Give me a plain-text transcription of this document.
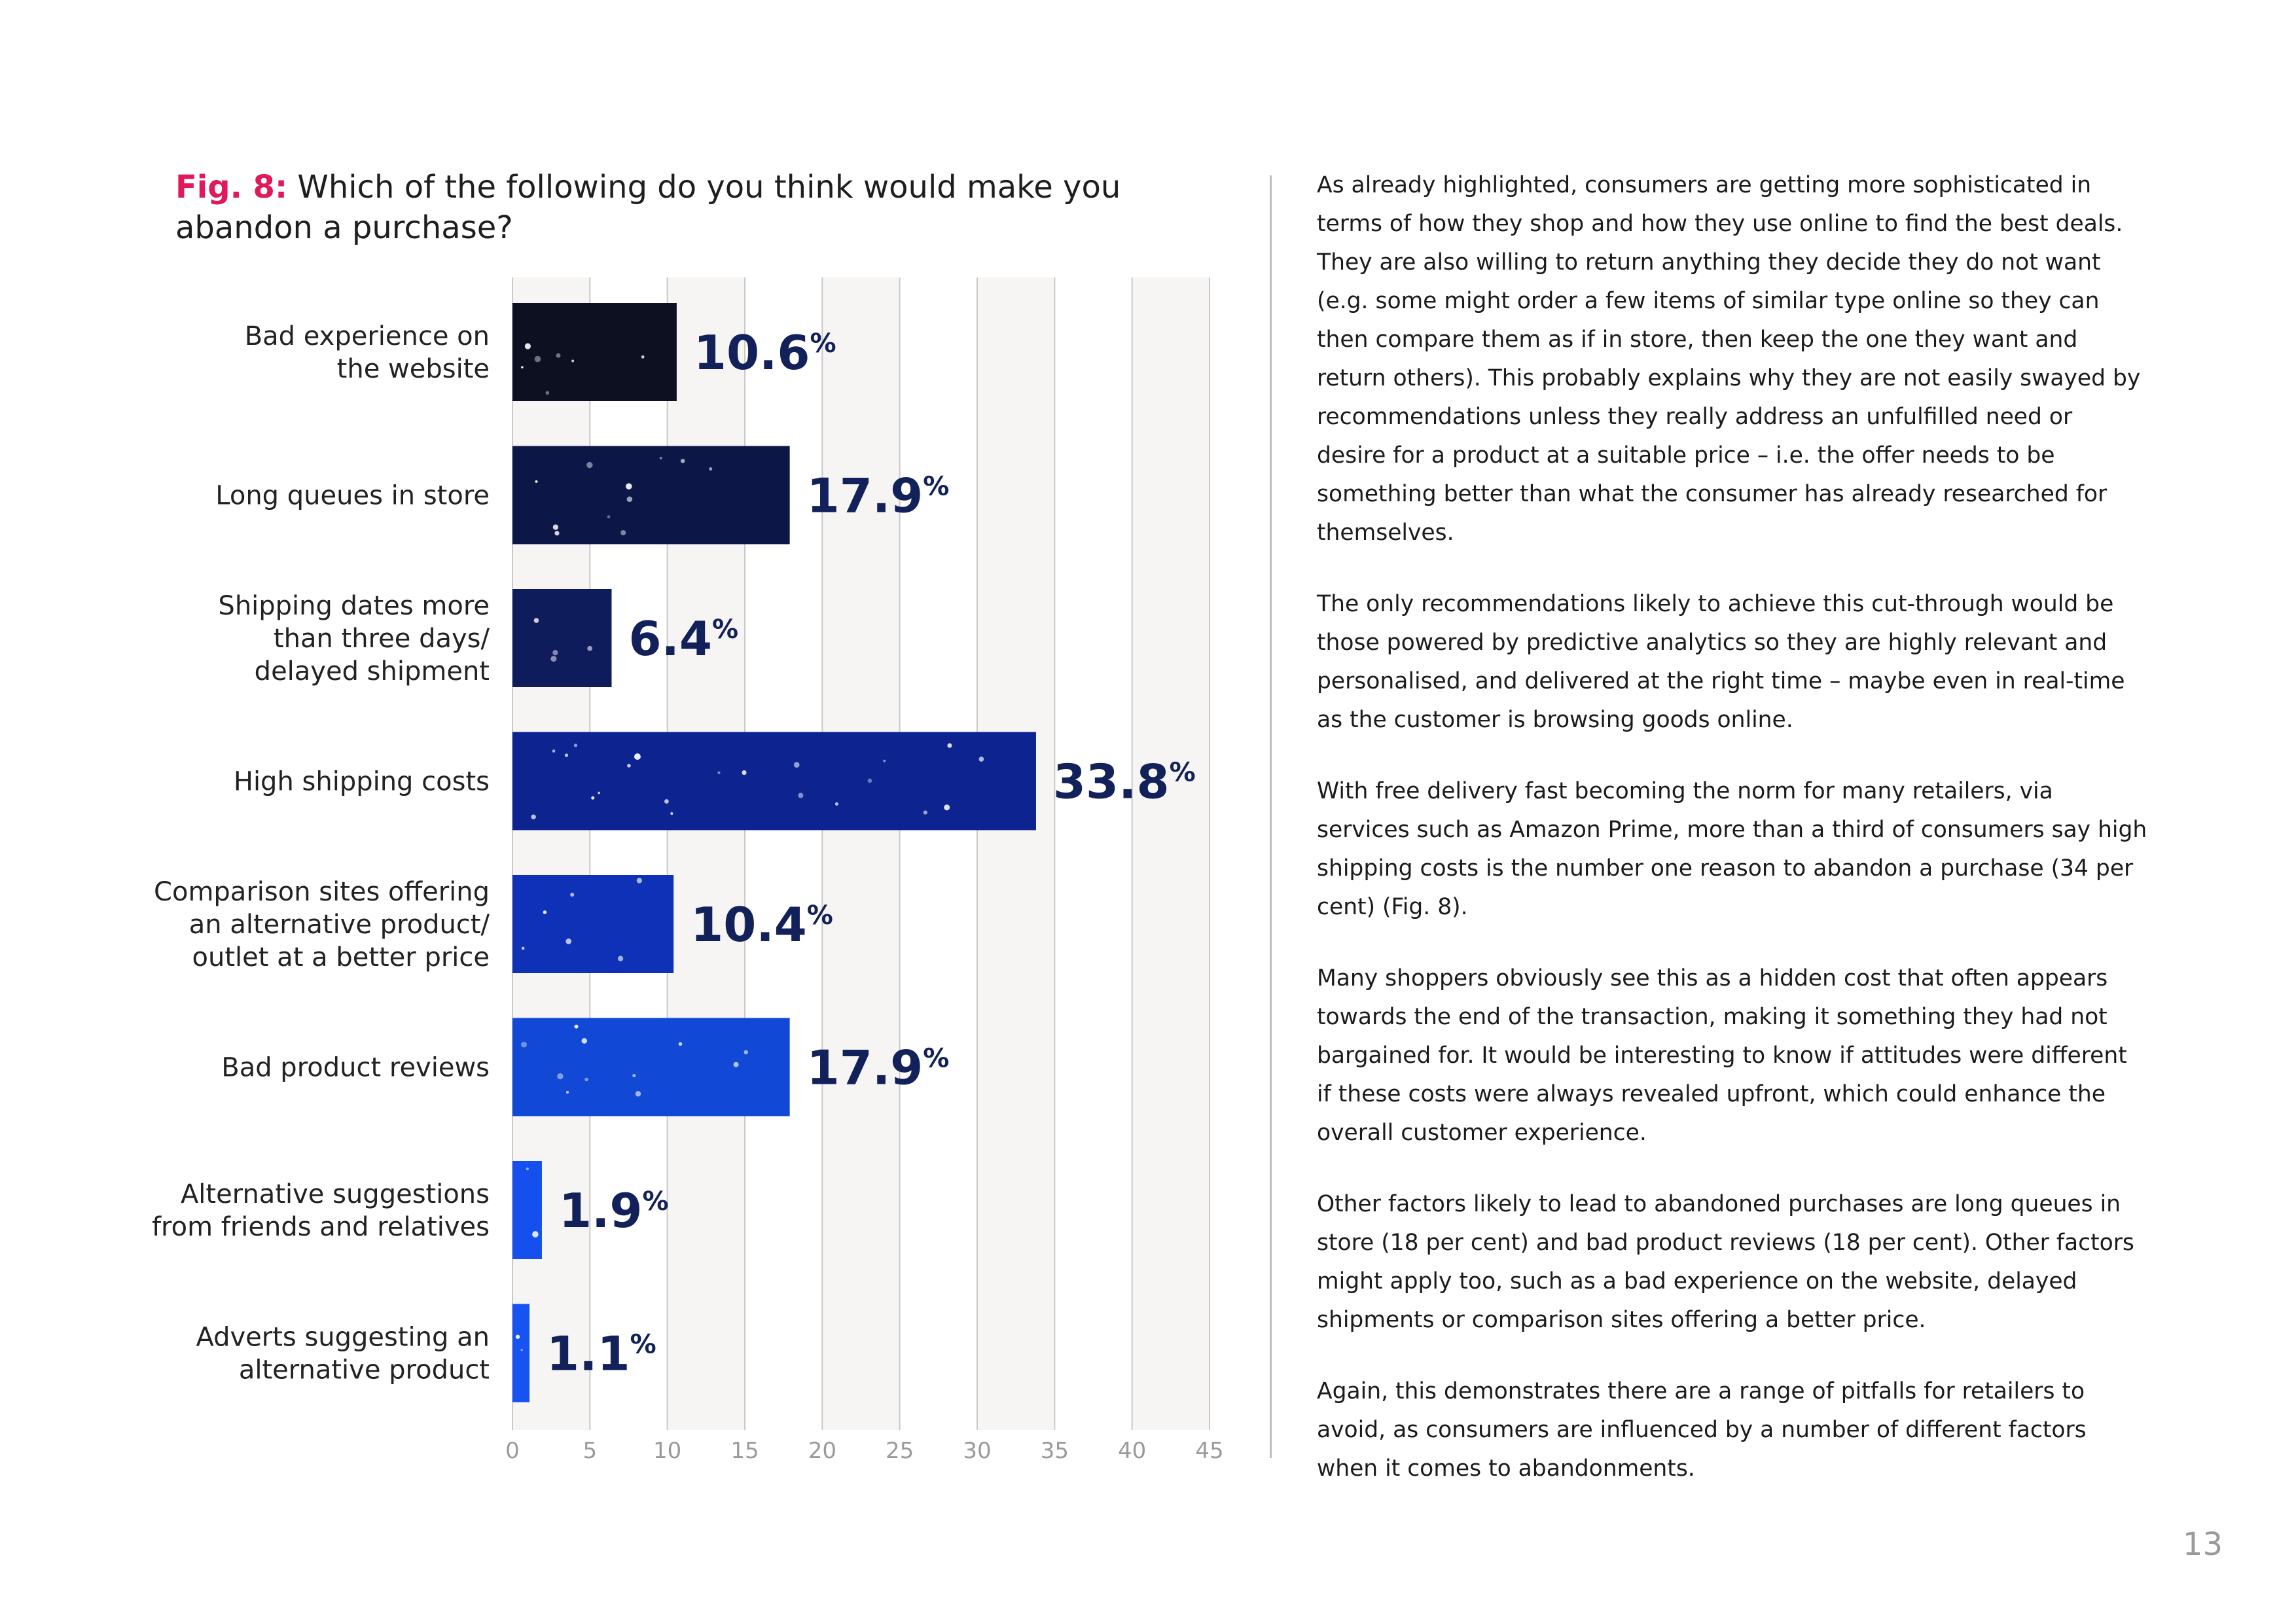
Fig. 8: Which of the following do you think would make you abandon a purchase?
10.6%
17.9%
6.4%
33.8%
10.4%
17.9%
1.9%
1.1%
Bad experience on the website
Long queues in store
Shipping dates more than three days/ delayed shipment
High shipping costs
Comparison sites offering an alternative product/ outlet at a better price
Bad product reviews
Alternative suggestions from friends and relatives
Adverts suggesting an alternative product
0	5	10 15 20 25 30 35 40 45

As already highlighted, consumers are getting more sophisticated in terms of how they shop and how they use online to find the best deals. They are also willing to return anything they decide they do not want (e.g. some might order a few items of similar type online so they can then compare them as if in store, then keep the one they want and return others). This probably explains why they are not easily swayed by recommendations unless they really address an unfulfilled need or desire for a product at a suitable price – i.e. the offer needs to be something better than what the consumer has already researched for themselves.

The only recommendations likely to achieve this cut-through would be those powered by predictive analytics so they are highly relevant and personalised, and delivered at the right time – maybe even in real-time as the customer is browsing goods online.

With free delivery fast becoming the norm for many retailers, via services such as Amazon Prime, more than a third of consumers say high shipping costs is the number one reason to abandon a purchase (34 per cent) (Fig. 8).

Many shoppers obviously see this as a hidden cost that often appears towards the end of the transaction, making it something they had not bargained for. It would be interesting to know if attitudes were different if these costs were always revealed upfront, which could enhance the overall customer experience.

Other factors likely to lead to abandoned purchases are long queues in store (18 per cent) and bad product reviews (18 per cent). Other factors might apply too, such as a bad experience on the website, delayed shipments or comparison sites offering a better price.

Again, this demonstrates there are a range of pitfalls for retailers to avoid, as consumers are influenced by a number of different factors when it comes to abandonments.

13
